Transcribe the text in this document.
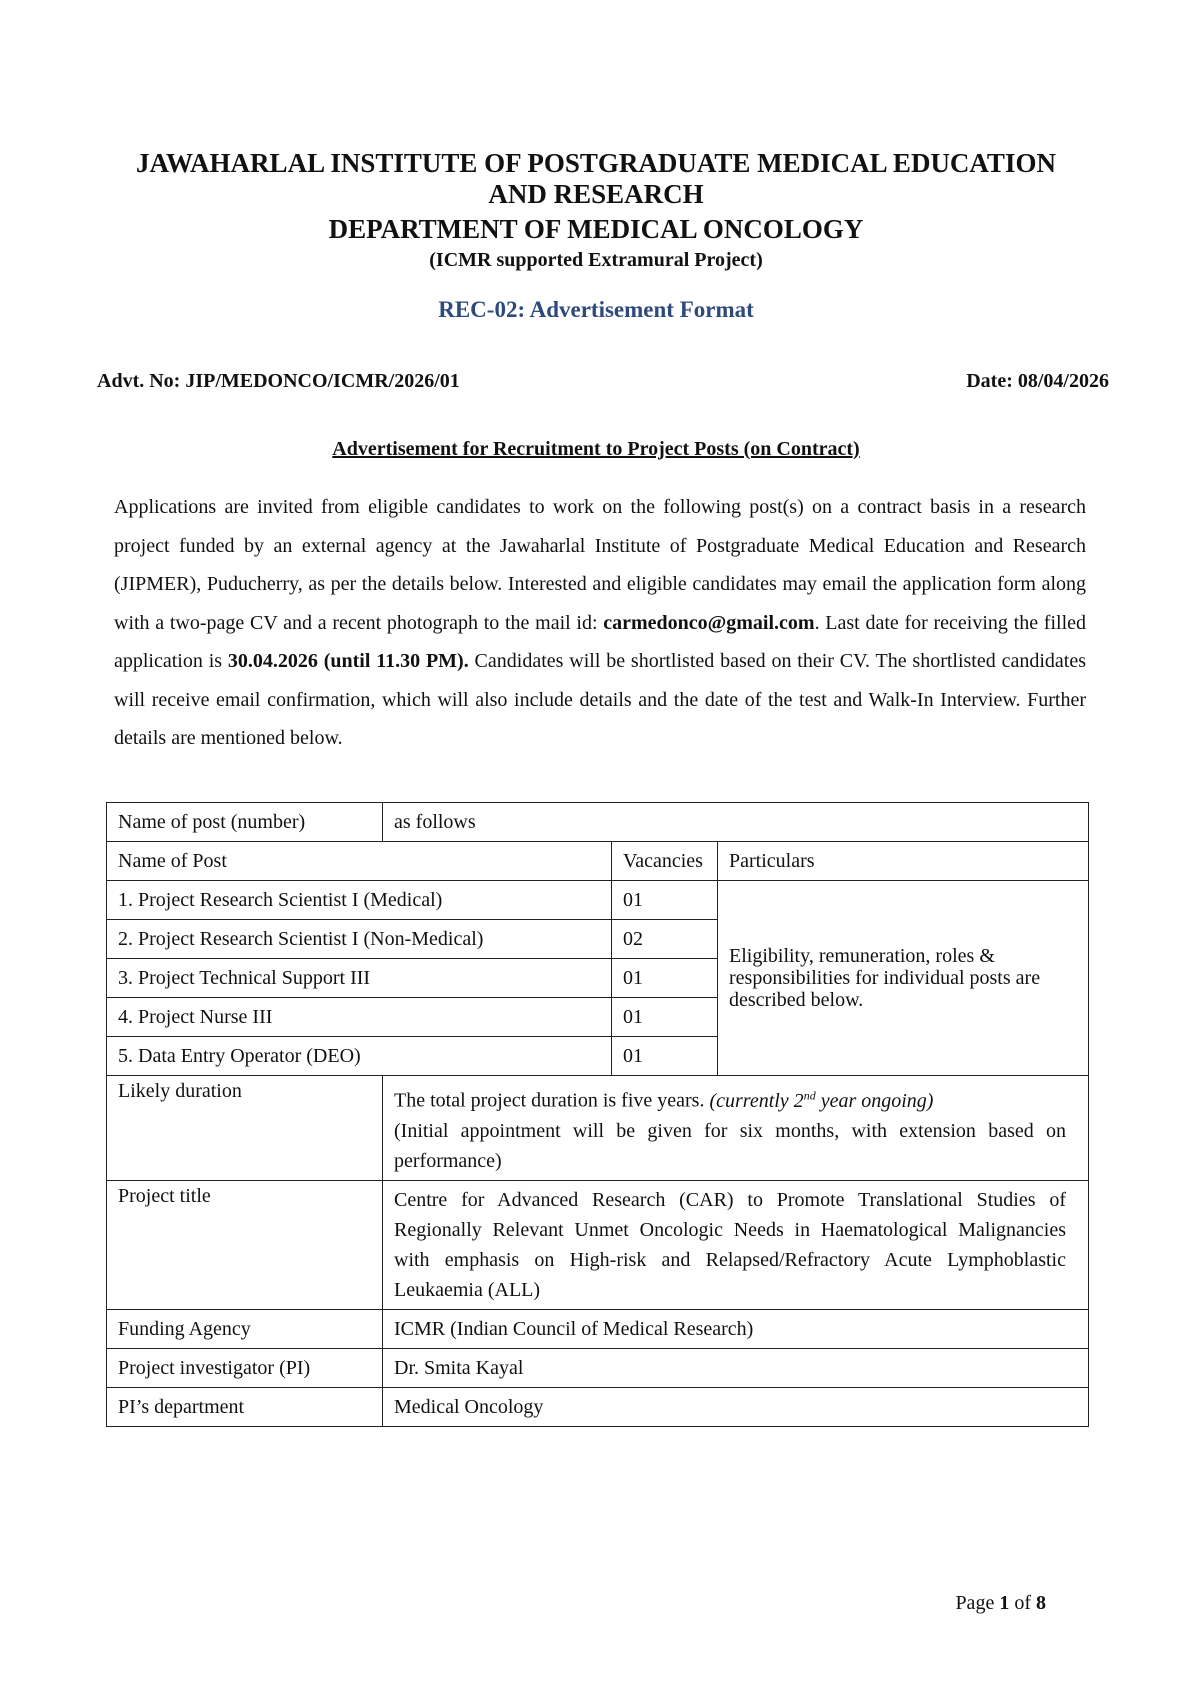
JAWAHARLAL INSTITUTE OF POSTGRADUATE MEDICAL EDUCATION AND RESEARCH
DEPARTMENT OF MEDICAL ONCOLOGY
(ICMR supported Extramural Project)
REC-02: Advertisement Format
Advt. No: JIP/MEDONCO/ICMR/2026/01	Date: 08/04/2026
Advertisement for Recruitment to Project Posts (on Contract)

Applications are invited from eligible candidates to work on the following post(s) on a contract basis in a research project funded by an external agency at the Jawaharlal Institute of Postgraduate Medical Education and Research (JIPMER), Puducherry, as per the details below. Interested and eligible candidates may email the application form along with a two-page CV and a recent photograph to the mail id: carmedonco@gmail.com. Last date for receiving the filled application is 30.04.2026 (until 11.30 PM). Candidates will be shortlisted based on their CV. The shortlisted candidates will receive email confirmation, which will also include details and the date of the test and Walk-In Interview. Further details are mentioned below.

Name of post (number)	as follows		
Name of Post		Vacancies	Particulars
1. Project Research Scientist I (Medical)		01	Eligibility, remuneration, roles & responsibilities for individual posts are described below.
2. Project Research Scientist I (Non-Medical)		02	
3. Project Technical Support III		01	
4. Project Nurse III		01	
5. Data Entry Operator (DEO)		01	
Likely duration	The total project duration is five years. (currently 2nd year ongoing)
(Initial appointment will be given for six months, with extension based on performance)		
Project title	Centre for Advanced Research (CAR) to Promote Translational Studies of Regionally Relevant Unmet Oncologic Needs in Haematological Malignancies with emphasis on High-risk and Relapsed/Refractory Acute Lymphoblastic Leukaemia (ALL)		
Funding Agency	ICMR (Indian Council of Medical Research)		
Project investigator (PI)	Dr. Smita Kayal		
PI’s department	Medical Oncology		
Page 1 of 8
